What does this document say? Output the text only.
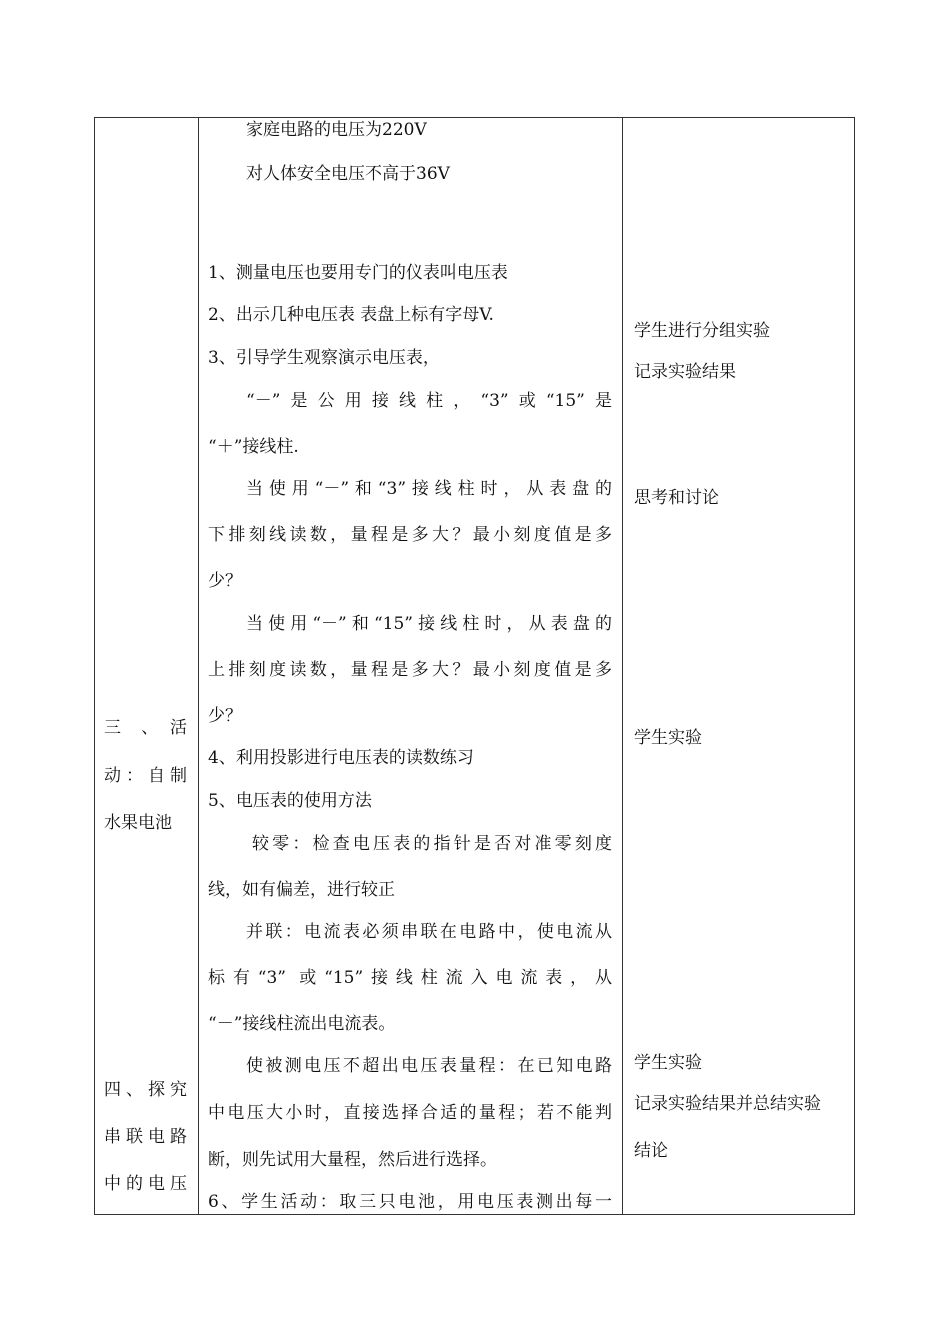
三　、　活
动：自制
水果电池
四、探究
串联电路
中的电压
家庭电路的电压为220V
对人体安全电压不高于36V
1、测量电压也要用专门的仪表叫电压表
2、出示几种电压表 表盘上标有字母V.
3、引导学生观察演示电压表，
“－”是公用接线柱，“3”或“15”是
“＋”接线柱.
当使用“－”和“3”接线柱时，从表盘的
下排刻线读数，量程是多大？最小刻度值是多
少？
当使用“－”和“15”接线柱时，从表盘的
上排刻度读数，量程是多大？最小刻度值是多
少？
4、利用投影进行电压表的读数练习
5、电压表的使用方法
较零：检查电压表的指针是否对准零刻度
线，如有偏差，进行较正
并联：电流表必须串联在电路中，使电流从
标有“3” 或“15”接线柱流入电流表，从
“－”接线柱流出电流表。
使被测电压不超出电压表量程：在已知电路
中电压大小时，直接选择合适的量程；若不能判
断，则先试用大量程，然后进行选择。
6、学生活动：取三只电池，用电压表测出每一
学生进行分组实验
记录实验结果
思考和讨论
学生实验
学生实验
记录实验结果并总结实验
结论
